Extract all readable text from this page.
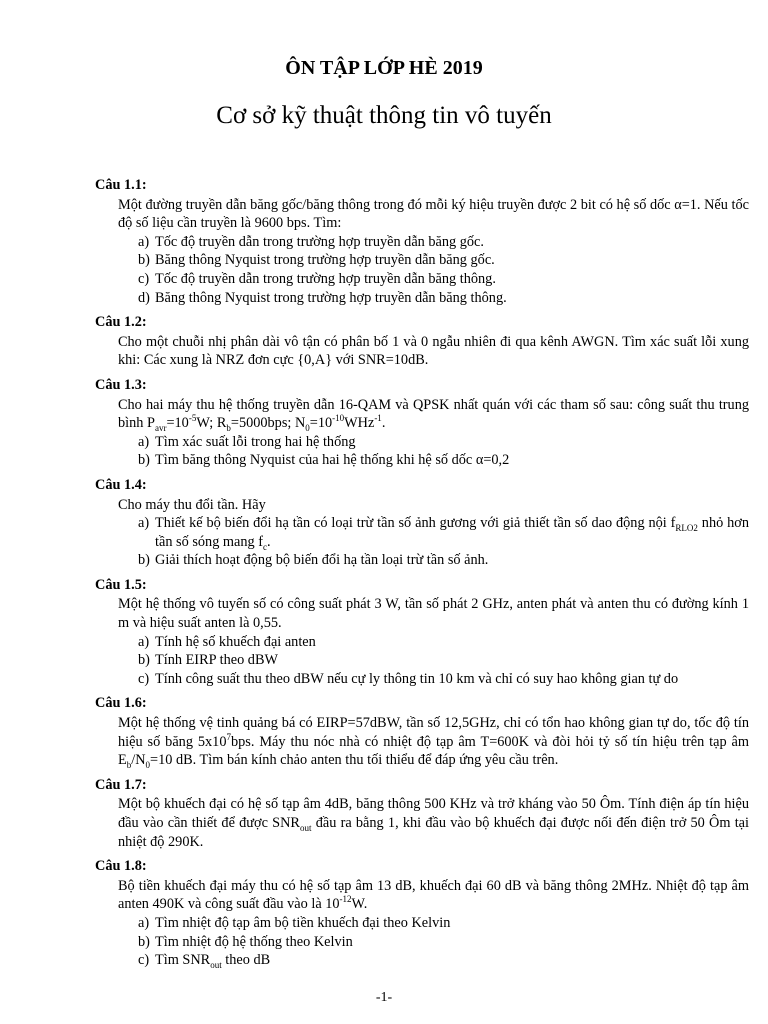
ÔN TẬP LỚP HÈ 2019
Cơ sở kỹ thuật thông tin vô tuyến
Câu 1.1:
Một đường truyền dẫn băng gốc/băng thông trong đó mỗi ký hiệu truyền được 2 bit có hệ số dốc α=1. Nếu tốc độ số liệu cần truyền là 9600 bps. Tìm:
a) Tốc độ truyền dẫn trong trường hợp truyền dẫn băng gốc.
b) Băng thông Nyquist trong trường hợp truyền dẫn băng gốc.
c) Tốc độ truyền dẫn trong trường hợp truyền dẫn băng thông.
d) Băng thông Nyquist trong trường hợp truyền dẫn băng thông.
Câu 1.2:
Cho một chuỗi nhị phân dài vô tận có phân bố 1 và 0 ngẫu nhiên đi qua kênh AWGN. Tìm xác suất lỗi xung khi: Các xung là NRZ đơn cực {0,A} với SNR=10dB.
Câu 1.3:
Cho hai máy thu hệ thống truyền dẫn 16-QAM và QPSK nhất quán với các tham số sau: công suất thu trung bình $P_{avr}=10^{-5}W$; $R_b=5000bps$; $N_0=10^{-10}WHz^{-1}$.
a) Tìm xác suất lỗi trong hai hệ thống
b) Tìm băng thông Nyquist của hai hệ thống khi hệ số dốc α=0,2
Câu 1.4:
Cho máy thu đổi tần. Hãy
a) Thiết kế bộ biến đổi hạ tần có loại trừ tần số ảnh gương với giả thiết tần số dao động nội $f_{RLO2}$ nhỏ hơn tần số sóng mang $f_c$.
b) Giải thích hoạt động bộ biến đổi hạ tần loại trừ tần số ảnh.
Câu 1.5:
Một hệ thống vô tuyến số có công suất phát 3 W, tần số phát 2 GHz, anten phát và anten thu có đường kính 1 m và hiệu suất anten là 0,55.
a) Tính hệ số khuếch đại anten
b) Tính EIRP theo dBW
c) Tính công suất thu theo dBW nếu cự ly thông tin 10 km và chỉ có suy hao không gian tự do
Câu 1.6:
Một hệ thống vệ tinh quảng bá có EIRP=57dBW, tần số 12,5GHz, chỉ có tổn hao không gian tự do, tốc độ tín hiệu số băng $5x10^7bps$. Máy thu nóc nhà có nhiệt độ tạp âm T=600K và đòi hỏi tỷ số tín hiệu trên tạp âm $E_b/N_0=10$ dB. Tìm bán kính chảo anten thu tối thiểu để đáp ứng yêu cầu trên.
Câu 1.7:
Một bộ khuếch đại có hệ số tạp âm 4dB, băng thông 500 KHz và trở kháng vào 50 Ôm. Tính điện áp tín hiệu đầu vào cần thiết để được $SNR_{out}$ đầu ra bằng 1, khi đầu vào bộ khuếch đại được nối đến điện trở 50 Ôm tại nhiệt độ 290K.
Câu 1.8:
Bộ tiền khuếch đại máy thu có hệ số tạp âm 13 dB, khuếch đại 60 dB và băng thông 2MHz. Nhiệt độ tạp âm anten 490K và công suất đầu vào là $10^{-12}W$.
a) Tìm nhiệt độ tạp âm bộ tiền khuếch đại theo Kelvin
b) Tìm nhiệt độ hệ thống theo Kelvin
c) Tìm $SNR_{out}$ theo dB
-1-
